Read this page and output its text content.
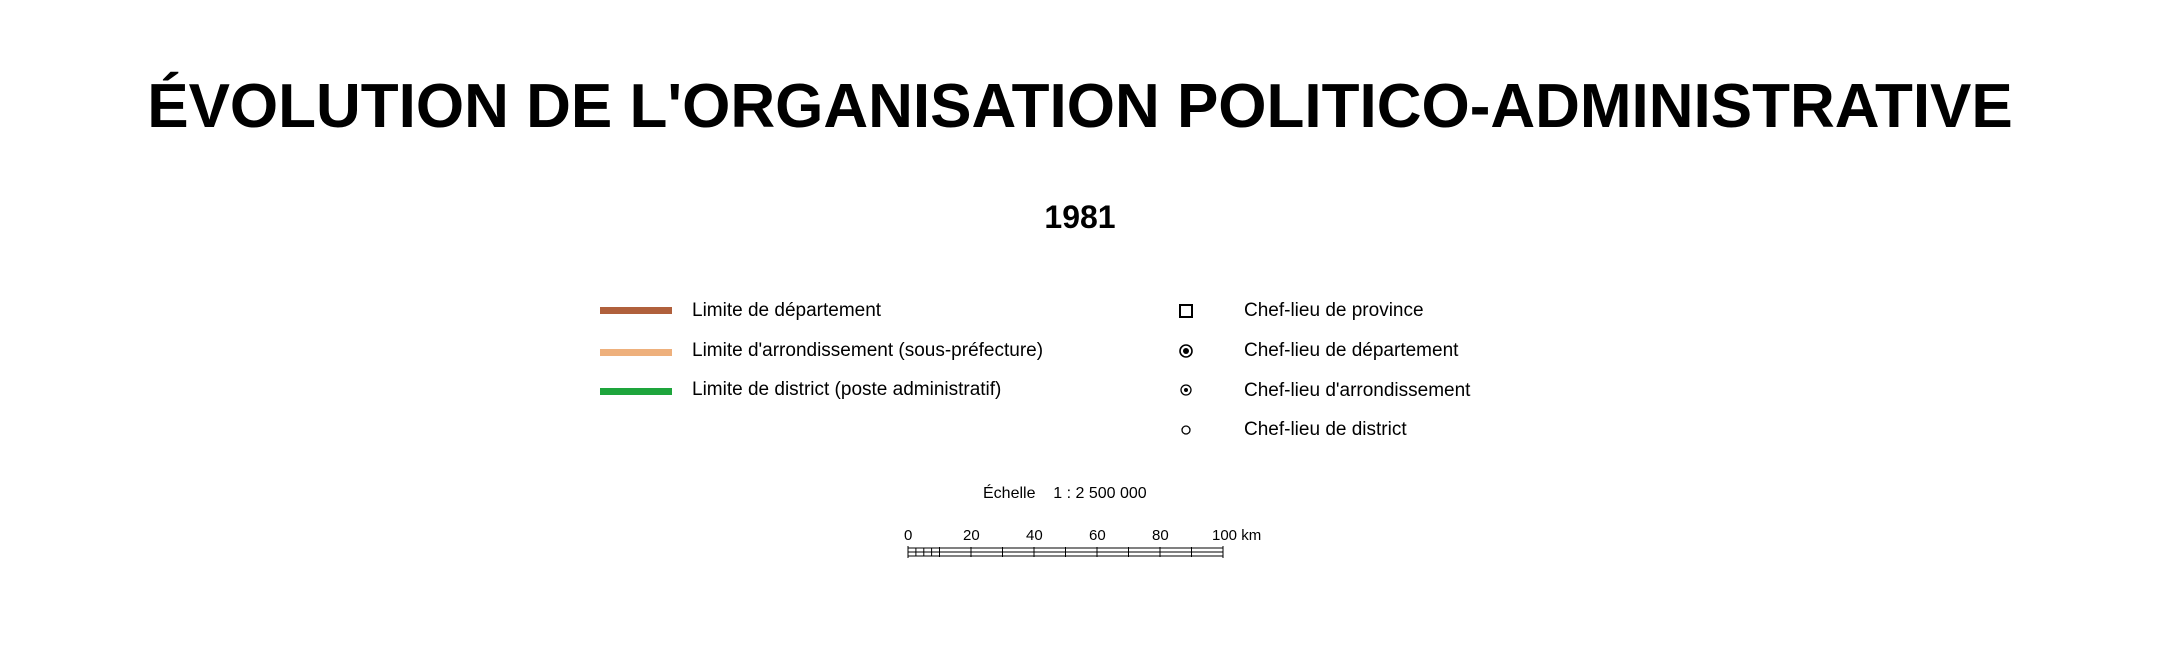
ÉVOLUTION DE L'ORGANISATION POLITICO-ADMINISTRATIVE
1981
Limite de département
Limite d'arrondissement (sous-préfecture)
Limite de district (poste administratif)
Chef-lieu de province
Chef-lieu de département
Chef-lieu d'arrondissement
Chef-lieu de district
Échelle 1 : 2 500 000
0	20	40	60	80	100 km
